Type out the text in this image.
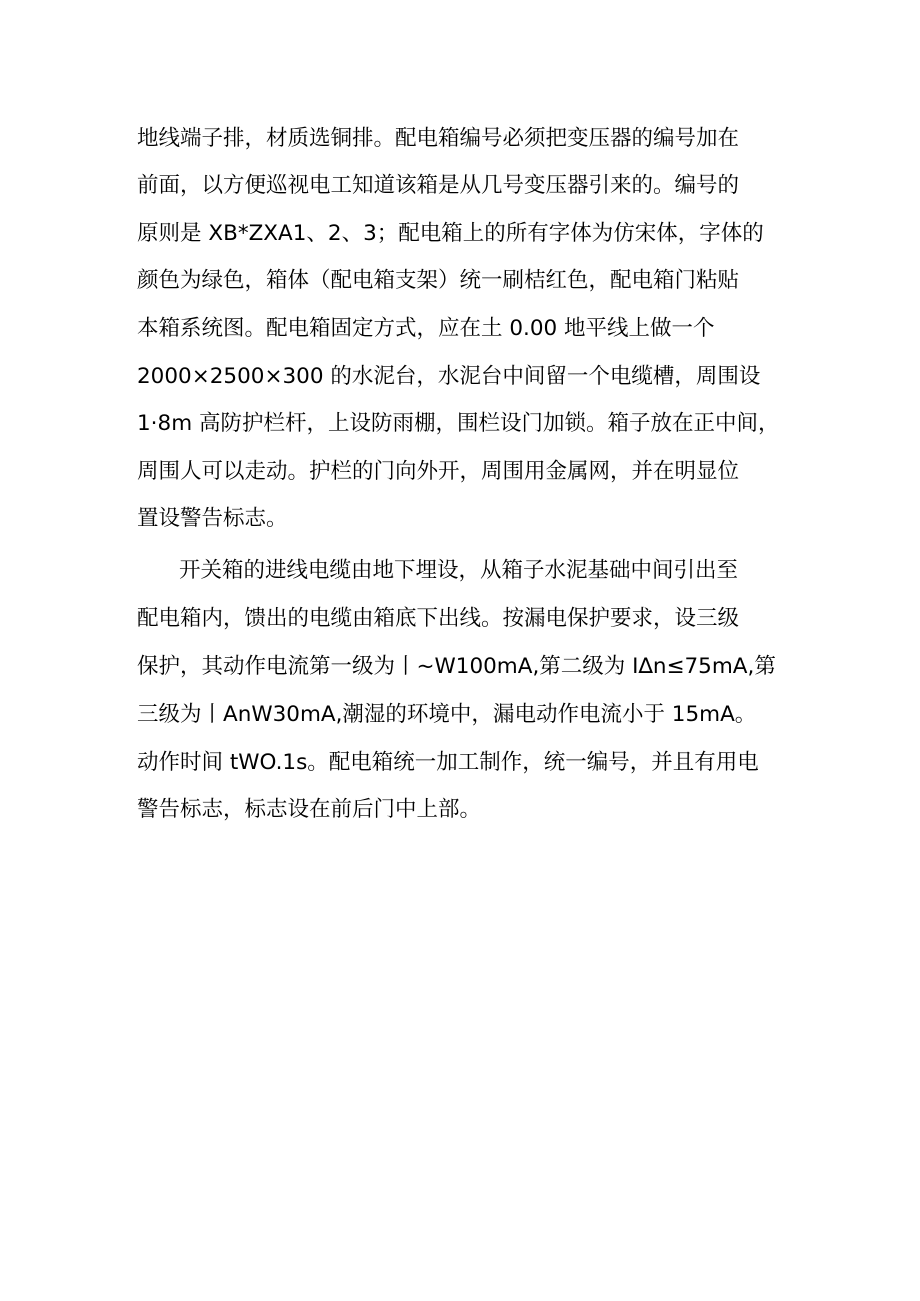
地线端子排，材质选铜排。配电箱编号必须把变压器的编号加在
前面，以方便巡视电工知道该箱是从几号变压器引来的。编号的
原则是 XB*ZXA1、2、3；配电箱上的所有字体为仿宋体，字体的
颜色为绿色，箱体（配电箱支架）统一刷桔红色，配电箱门粘贴
本箱系统图。配电箱固定方式，应在土 0.00 地平线上做一个
2000×2500×300 的水泥台，水泥台中间留一个电缆槽，周围设
1·8m 高防护栏杆，上设防雨棚，围栏设门加锁。箱子放在正中间，
周围人可以走动。护栏的门向外开，周围用金属网，并在明显位
置设警告标志。
开关箱的进线电缆由地下埋设，从箱子水泥基础中间引出至
配电箱内，馈出的电缆由箱底下出线。按漏电保护要求，设三级
保护，其动作电流第一级为丨~W100mA,第二级为 I∆n≤75mA,第
三级为丨AnW30mA,潮湿的环境中，漏电动作电流小于 15mA。
动作时间 tWO.1s。配电箱统一加工制作，统一编号，并且有用电
警告标志，标志设在前后门中上部。
